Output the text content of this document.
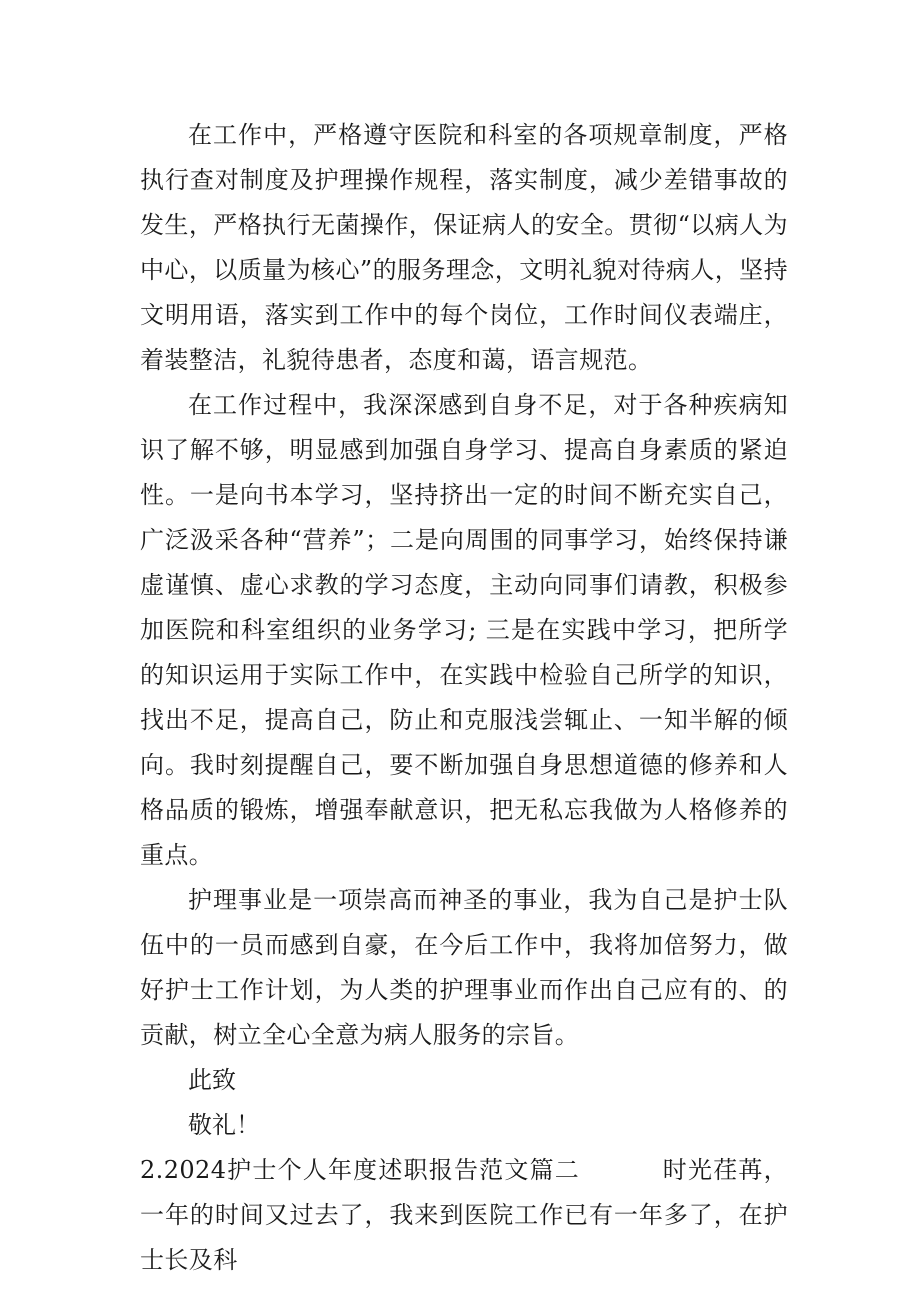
在工作中，严格遵守医院和科室的各项规章制度，严格执行查对制度及护理操作规程，落实制度，减少差错事故的发生，严格执行无菌操作，保证病人的安全。贯彻“以病人为中心，以质量为核心”的服务理念，文明礼貌对待病人，坚持文明用语，落实到工作中的每个岗位，工作时间仪表端庄，着装整洁，礼貌待患者，态度和蔼，语言规范。

在工作过程中，我深深感到自身不足，对于各种疾病知识了解不够，明显感到加强自身学习、提高自身素质的紧迫性。一是向书本学习，坚持挤出一定的时间不断充实自己，广泛汲采各种“营养”；二是向周围的同事学习，始终保持谦虚谨慎、虚心求教的学习态度，主动向同事们请教，积极参加医院和科室组织的业务学习; 三是在实践中学习，把所学的知识运用于实际工作中，在实践中检验自己所学的知识，找出不足，提高自己，防止和克服浅尝辄止、一知半解的倾向。我时刻提醒自己，要不断加强自身思想道德的修养和人格品质的锻炼，增强奉献意识，把无私忘我做为人格修养的重点。

护理事业是一项崇高而神圣的事业，我为自己是护士队伍中的一员而感到自豪，在今后工作中，我将加倍努力，做好护士工作计划，为人类的护理事业而作出自己应有的、的贡献，树立全心全意为病人服务的宗旨。

此致

敬礼！

2.2024护士个人年度述职报告范文篇二	时光荏苒，一年的时间又过去了，我来到医院工作已有一年多了，在护士长及科
